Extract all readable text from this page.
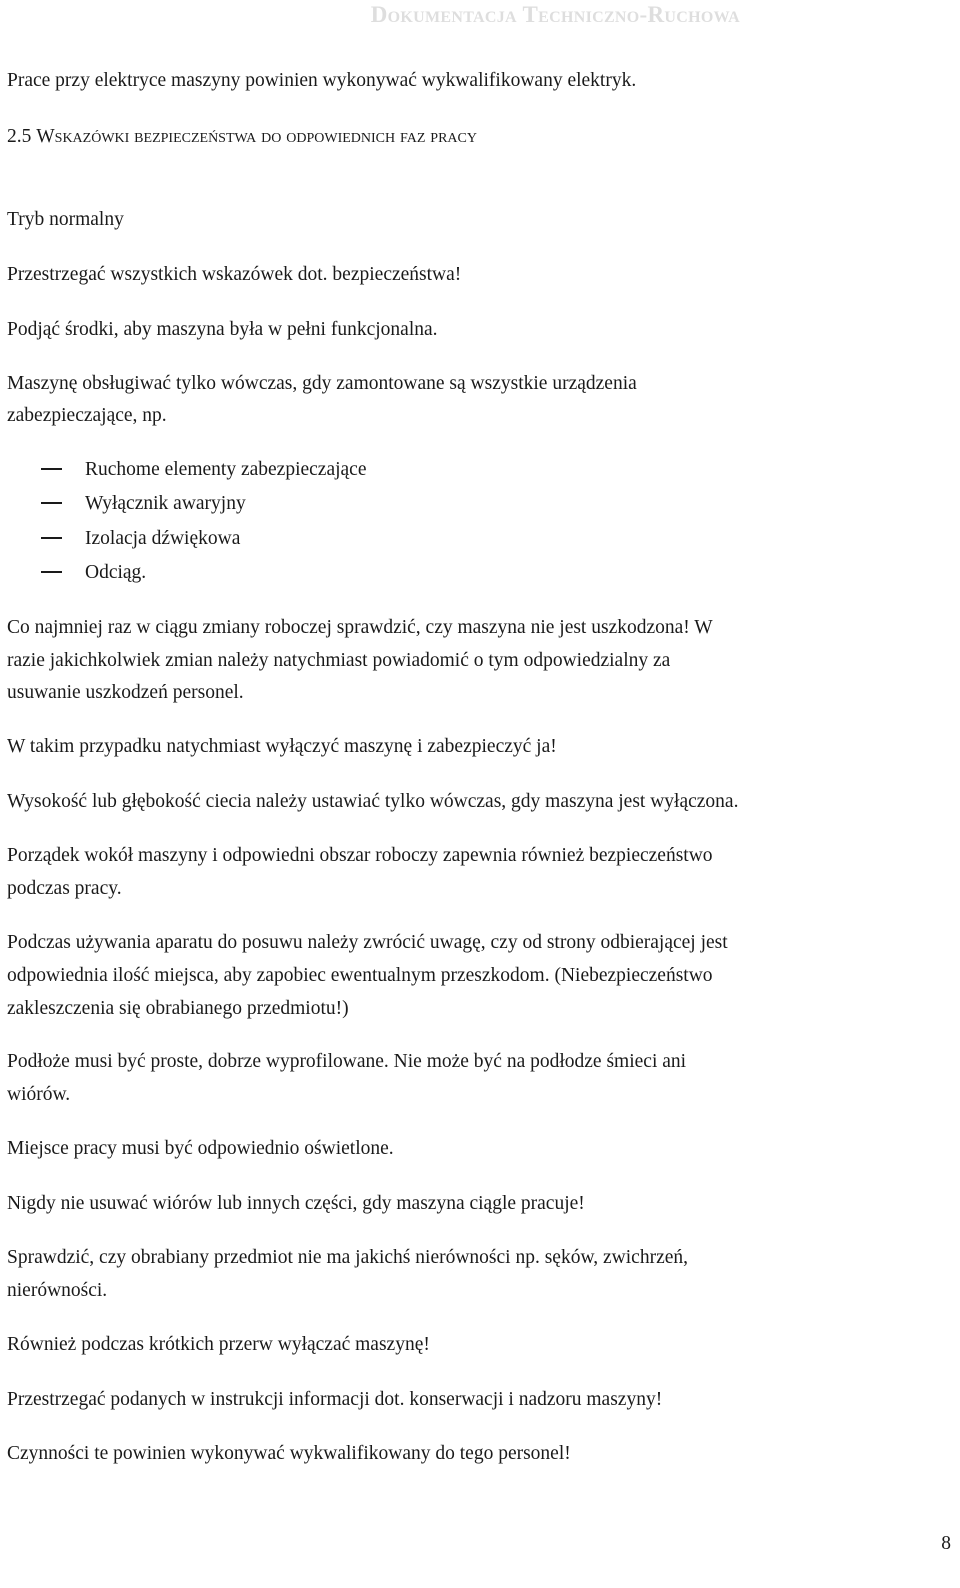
Dokumentacja Techniczno-Ruchowa
Prace przy elektryce maszyny powinien wykonywać wykwalifikowany elektryk.
2.5 Wskazówki bezpieczeństwa do odpowiednich faz pracy
Tryb normalny
Przestrzegać wszystkich wskazówek dot. bezpieczeństwa!
Podjąć środki, aby maszyna była w pełni funkcjonalna.
Maszynę obsługiwać tylko wówczas, gdy zamontowane są wszystkie urządzenia
zabezpieczające, np.
Ruchome elementy zabezpieczające
Wyłącznik awaryjny
Izolacja dźwiękowa
Odciąg.
Co najmniej raz w ciągu zmiany roboczej sprawdzić, czy maszyna nie jest uszkodzona! W
razie jakichkolwiek zmian należy natychmiast powiadomić o tym odpowiedzialny za
usuwanie uszkodzeń personel.
W takim przypadku natychmiast wyłączyć maszynę i zabezpieczyć ja!
Wysokość lub głębokość ciecia należy ustawiać tylko wówczas, gdy maszyna jest wyłączona.
Porządek wokół maszyny i odpowiedni obszar roboczy zapewnia również bezpieczeństwo
podczas pracy.
Podczas używania aparatu do posuwu należy zwrócić uwagę, czy od strony odbierającej jest
odpowiednia ilość miejsca, aby zapobiec ewentualnym przeszkodom. (Niebezpieczeństwo
zakleszczenia się obrabianego przedmiotu!)
Podłoże musi być proste, dobrze wyprofilowane. Nie może być na podłodze śmieci ani
wiórów.
Miejsce pracy musi być odpowiednio oświetlone.
Nigdy nie usuwać wiórów lub innych części, gdy maszyna ciągle pracuje!
Sprawdzić, czy obrabiany przedmiot nie ma jakichś nierówności np. sęków, zwichrzeń,
nierówności.
Również podczas krótkich przerw wyłączać maszynę!
Przestrzegać podanych w instrukcji informacji dot. konserwacji i nadzoru maszyny!
Czynności te powinien wykonywać wykwalifikowany do tego personel!
8
